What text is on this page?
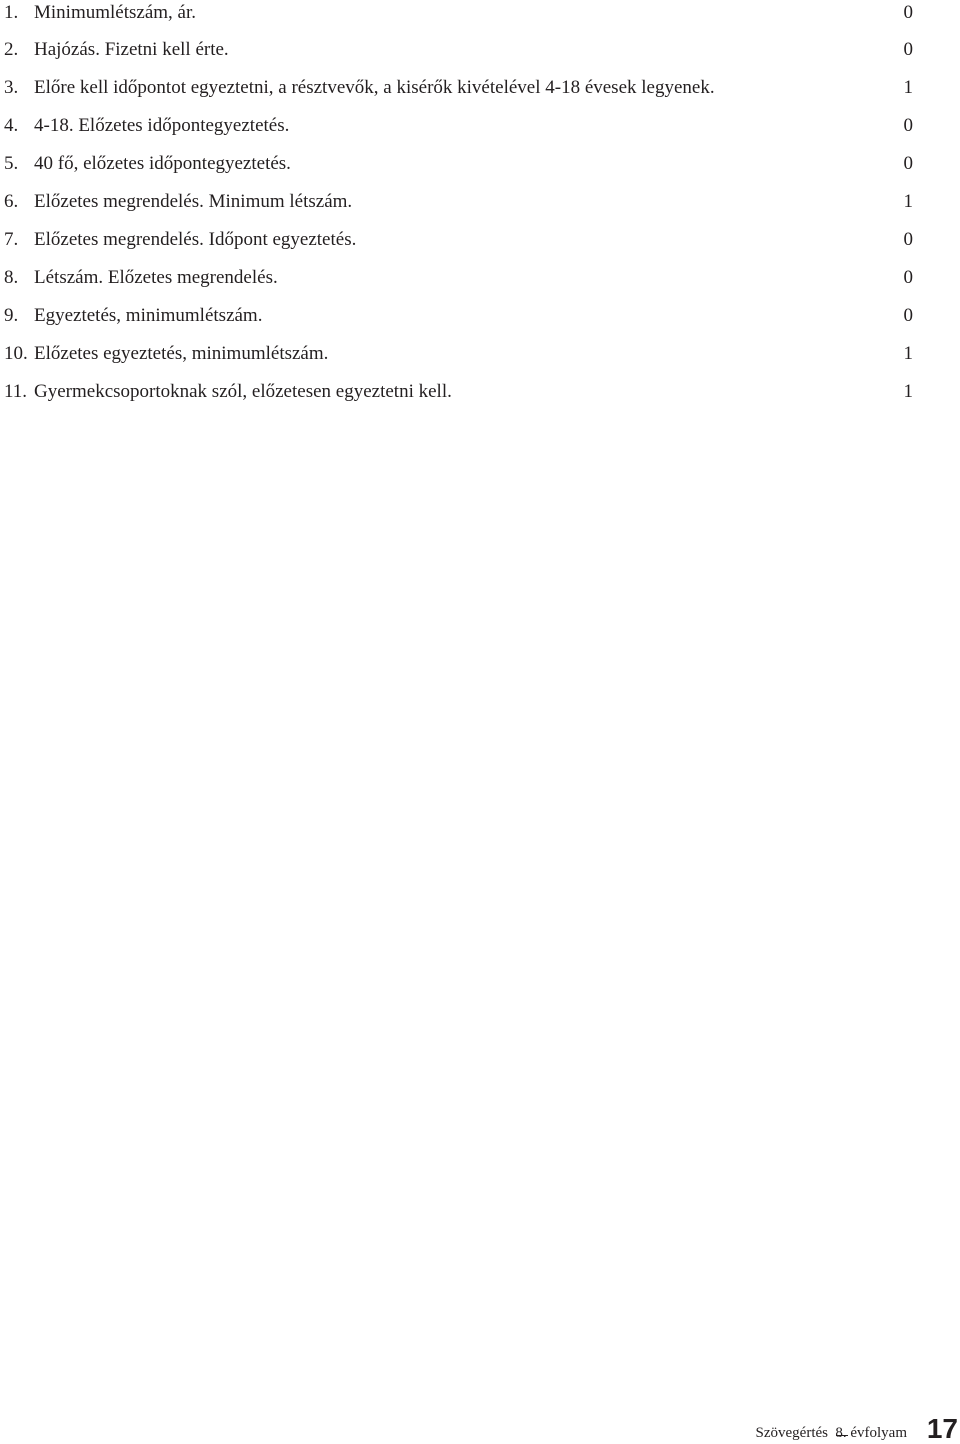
1. Minimumlétszám, ár.	0
2. Hajózás. Fizetni kell érte.	0
3. Előre kell időpontot egyeztetni, a résztvevők, a kisérők kivételével 4-18 évesek legyenek.	1
4. 4-18. Előzetes időpontegyeztetés.	0
5. 40 fő, előzetes időpontegyeztetés.	0
6. Előzetes megrendelés. Minimum létszám.	1
7. Előzetes megrendelés. Időpont egyeztetés.	0
8. Létszám. Előzetes megrendelés.	0
9. Egyeztetés, minimumlétszám.	0
10. Előzetes egyeztetés, minimumlétszám.	1
11. Gyermekcsoportoknak szól, előzetesen egyeztetni kell.	1
Szövegértés 8. évfolyam 17
